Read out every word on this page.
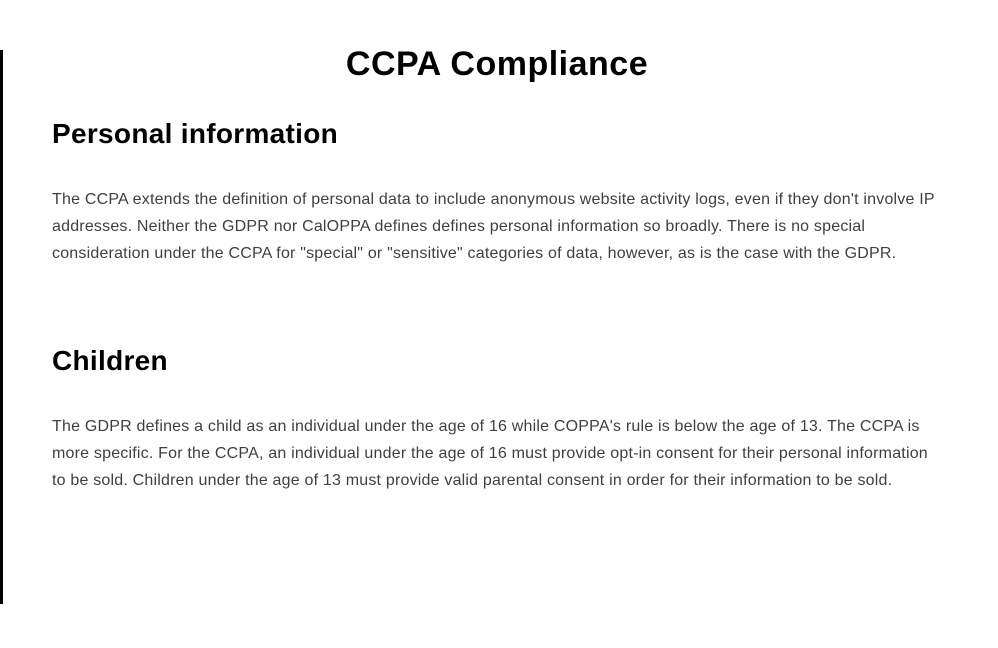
CCPA Compliance
Personal information

The CCPA extends the definition of personal data to include anonymous website activity logs, even if they don't involve IP addresses. Neither the GDPR nor CalOPPA defines defines personal information so broadly. There is no special consideration under the CCPA for "special" or "sensitive" categories of data, however, as is the case with the GDPR.

Children

The GDPR defines a child as an individual under the age of 16 while COPPA's rule is below the age of 13. The CCPA is more specific. For the CCPA, an individual under the age of 16 must provide opt-in consent for their personal information to be sold. Children under the age of 13 must provide valid parental consent in order for their information to be sold.
